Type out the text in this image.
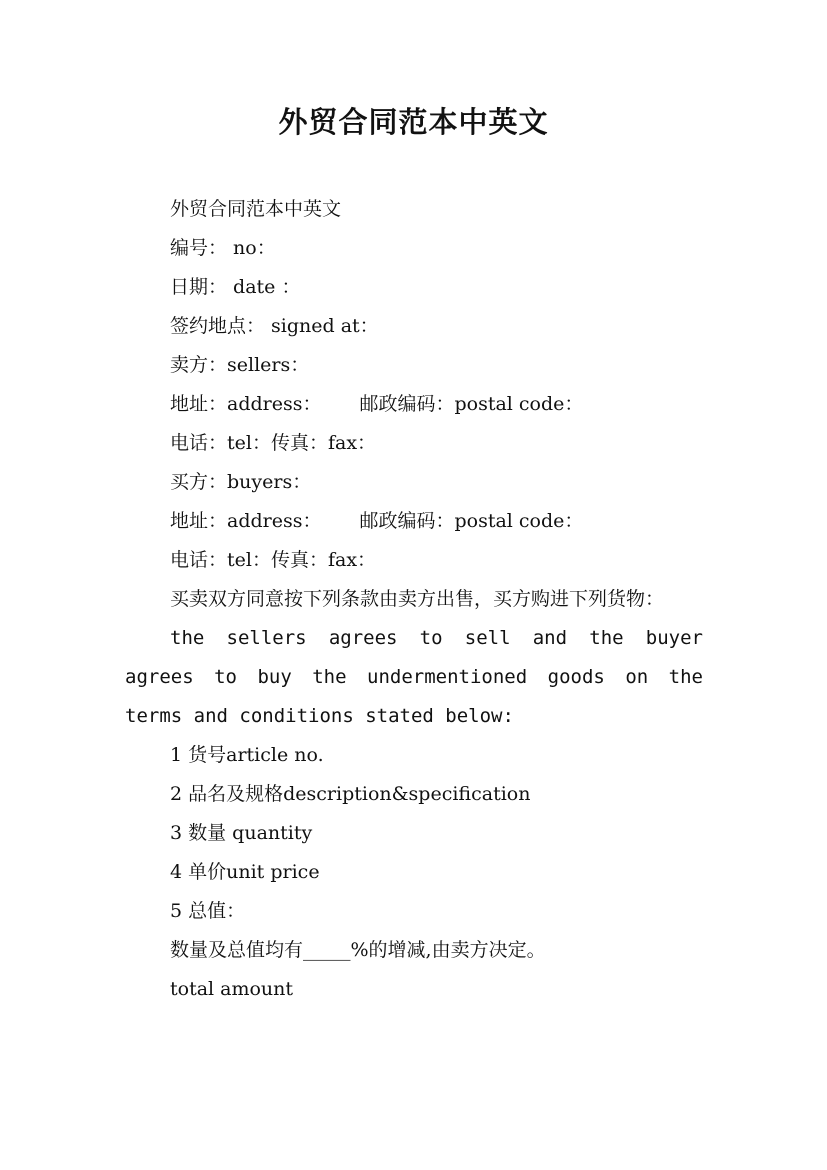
外贸合同范本中英文

外贸合同范本中英文

编号： no：

日期： date ：

签约地点： signed at：

卖方：sellers：

地址：address： 邮政编码：postal code：

电话：tel：传真：fax：

买方：buyers：

地址：address： 邮政编码：postal code：

电话：tel：传真：fax：

买卖双方同意按下列条款由卖方出售，买方购进下列货物：

the sellers agrees to sell and the buyer agrees to buy the undermentioned goods on the terms and conditions stated below:

1 货号article no.

2 品名及规格description&specification

3 数量 quantity

4 单价unit price

5 总值：

数量及总值均有_____%的增减,由卖方决定。

total amount
